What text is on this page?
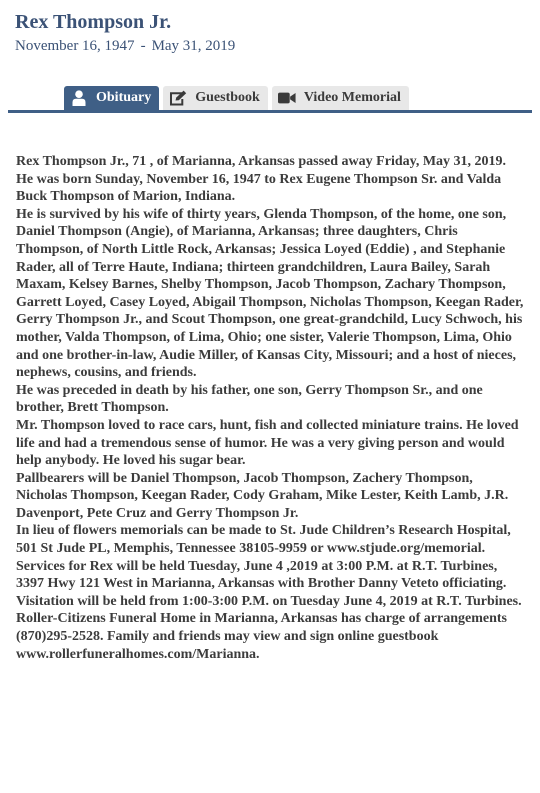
Rex Thompson Jr.
November 16, 1947 - May 31, 2019
Obituary	Guestbook	Video Memorial

Rex Thompson Jr., 71 , of Marianna, Arkansas passed away Friday, May 31, 2019. He was born Sunday, November 16, 1947 to Rex Eugene Thompson Sr. and Valda Buck Thompson of Marion, Indiana.

He is survived by his wife of thirty years, Glenda Thompson, of the home, one son, Daniel Thompson (Angie), of Marianna, Arkansas; three daughters, Chris Thompson, of North Little Rock, Arkansas; Jessica Loyed (Eddie) , and Stephanie Rader, all of Terre Haute, Indiana; thirteen grandchildren, Laura Bailey, Sarah Maxam, Kelsey Barnes, Shelby Thompson, Jacob Thompson, Zachary Thompson, Garrett Loyed, Casey Loyed, Abigail Thompson, Nicholas Thompson, Keegan Rader, Gerry Thompson Jr., and Scout Thompson, one great-grandchild, Lucy Schwoch, his mother, Valda Thompson, of Lima, Ohio; one sister, Valerie Thompson, Lima, Ohio and one brother-in-law, Audie Miller, of Kansas City, Missouri; and a host of nieces, nephews, cousins, and friends.

He was preceded in death by his father, one son, Gerry Thompson Sr., and one brother, Brett Thompson.

Mr. Thompson loved to race cars, hunt, fish and collected miniature trains. He loved life and had a tremendous sense of humor. He was a very giving person and would help anybody. He loved his sugar bear.

Pallbearers will be Daniel Thompson, Jacob Thompson, Zachery Thompson, Nicholas Thompson, Keegan Rader, Cody Graham, Mike Lester, Keith Lamb, J.R. Davenport, Pete Cruz and Gerry Thompson Jr.

In lieu of flowers memorials can be made to St. Jude Children’s Research Hospital, 501 St Jude PL, Memphis, Tennessee 38105-9959 or www.stjude.org/memorial.

Services for Rex will be held Tuesday, June 4 ,2019 at 3:00 P.M. at R.T. Turbines, 3397 Hwy 121 West in Marianna, Arkansas with Brother Danny Veteto officiating. Visitation will be held from 1:00-3:00 P.M. on Tuesday June 4, 2019 at R.T. Turbines. Roller-Citizens Funeral Home in Marianna, Arkansas has charge of arrangements (870)295-2528. Family and friends may view and sign online guestbook www.rollerfuneralhomes.com/Marianna.
